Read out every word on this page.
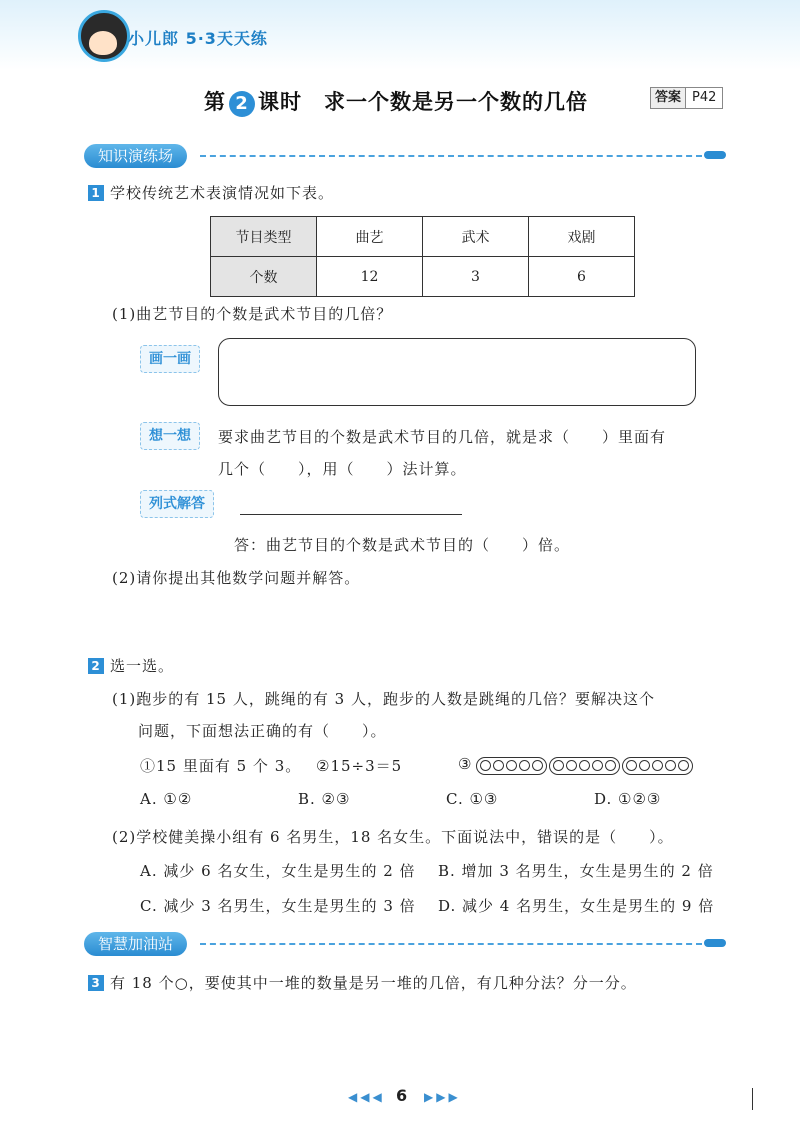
小儿郎 5·3天天练
第 2 课时　求一个数是另一个数的几倍	答案 P42
知识演练场
1 学校传统艺术表演情况如下表。
节目类型	曲艺	武术	戏剧
个数	12	3	6
(1)曲艺节目的个数是武术节目的几倍？
画一画
想一想	要求曲艺节目的个数是武术节目的几倍，就是求（　　）里面有
几个（　　），用（　　）法计算。
列式解答
答：曲艺节目的个数是武术节目的（　　）倍。
(2)请你提出其他数学问题并解答。
2 选一选。
(1)跑步的有 15 人，跳绳的有 3 人，跑步的人数是跳绳的几倍？要解决这个
问题，下面想法正确的有（　　）。
①15 里面有 5 个 3。 ②15÷3＝5	③
A. ①②	B. ②③	C. ①③	D. ①②③
(2)学校健美操小组有 6 名男生，18 名女生。下面说法中，错误的是（　　）。
A. 减少 6 名女生，女生是男生的 2 倍 B. 增加 3 名男生，女生是男生的 2 倍
C. 减少 3 名男生，女生是男生的 3 倍 D. 减少 4 名男生，女生是男生的 9 倍
智慧加油站
3 有 18 个○，要使其中一堆的数量是另一堆的几倍，有几种分法？分一分。
◀◀◀ 6 ▶▶▶
